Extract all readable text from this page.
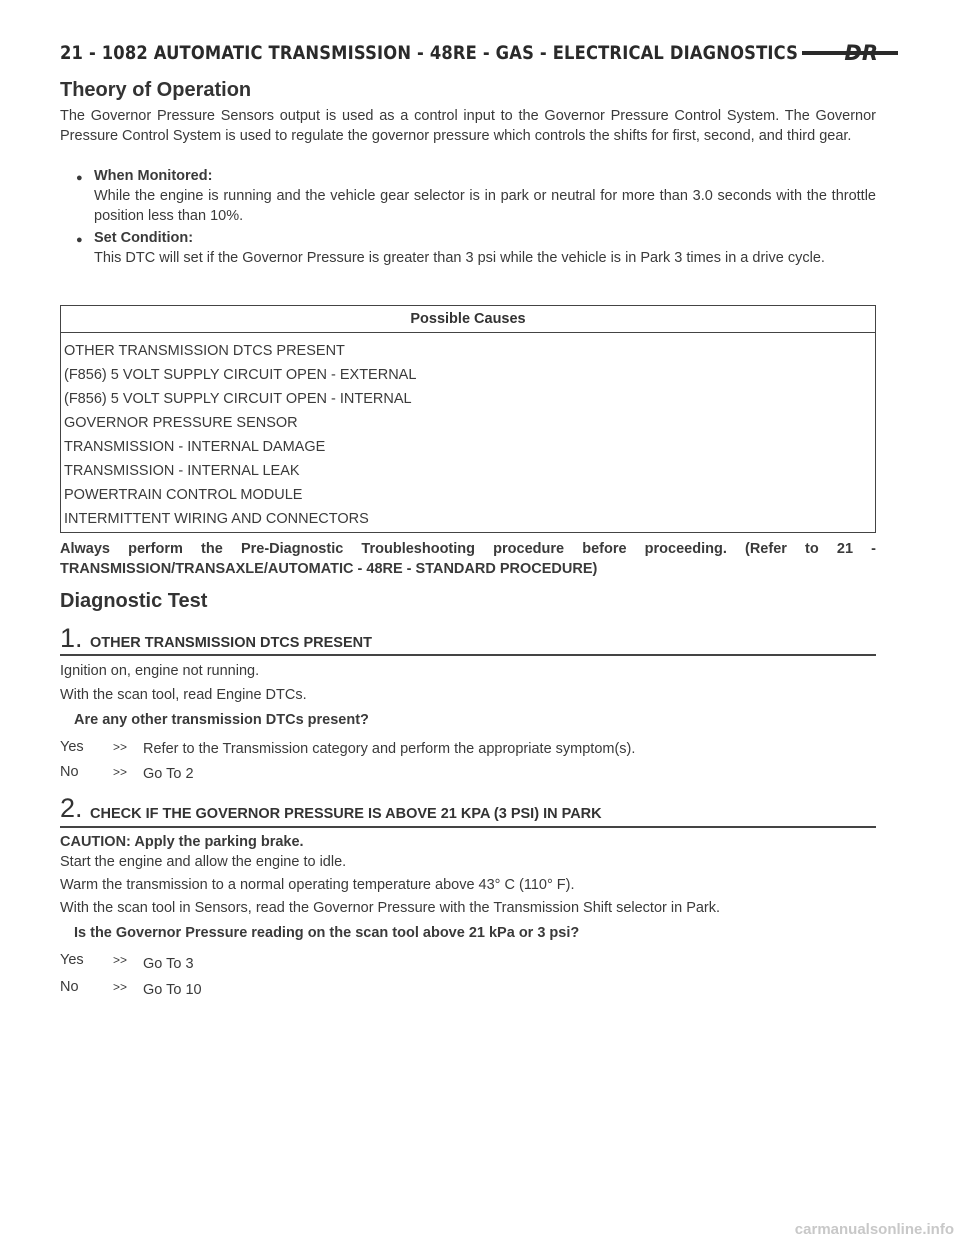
21 - 1082 AUTOMATIC TRANSMISSION - 48RE - GAS - ELECTRICAL DIAGNOSTICS DR
Theory of Operation
The Governor Pressure Sensors output is used as a control input to the Governor Pressure Control System. The Governor Pressure Control System is used to regulate the governor pressure which controls the shifts for first, second, and third gear.
● When Monitored:
While the engine is running and the vehicle gear selector is in park or neutral for more than 3.0 seconds with the throttle position less than 10%.
● Set Condition:
This DTC will set if the Governor Pressure is greater than 3 psi while the vehicle is in Park 3 times in a drive cycle.
Possible Causes
OTHER TRANSMISSION DTCS PRESENT
(F856) 5 VOLT SUPPLY CIRCUIT OPEN - EXTERNAL
(F856) 5 VOLT SUPPLY CIRCUIT OPEN - INTERNAL
GOVERNOR PRESSURE SENSOR
TRANSMISSION - INTERNAL DAMAGE
TRANSMISSION - INTERNAL LEAK
POWERTRAIN CONTROL MODULE
INTERMITTENT WIRING AND CONNECTORS
Always perform the Pre-Diagnostic Troubleshooting procedure before proceeding. (Refer to 21 - TRANSMISSION/TRANSAXLE/AUTOMATIC - 48RE - STANDARD PROCEDURE)
Diagnostic Test
1. OTHER TRANSMISSION DTCS PRESENT
Ignition on, engine not running.
With the scan tool, read Engine DTCs.
Are any other transmission DTCs present?
Yes >> Refer to the Transmission category and perform the appropriate symptom(s).
No	>> Go To 2
2. CHECK IF THE GOVERNOR PRESSURE IS ABOVE 21 KPA (3 PSI) IN PARK
CAUTION: Apply the parking brake.
Start the engine and allow the engine to idle.
Warm the transmission to a normal operating temperature above 43° C (110° F).
With the scan tool in Sensors, read the Governor Pressure with the Transmission Shift selector in Park.
Is the Governor Pressure reading on the scan tool above 21 kPa or 3 psi?
Yes >> Go To 3
No	>> Go To 10
carmanualsonline.info
